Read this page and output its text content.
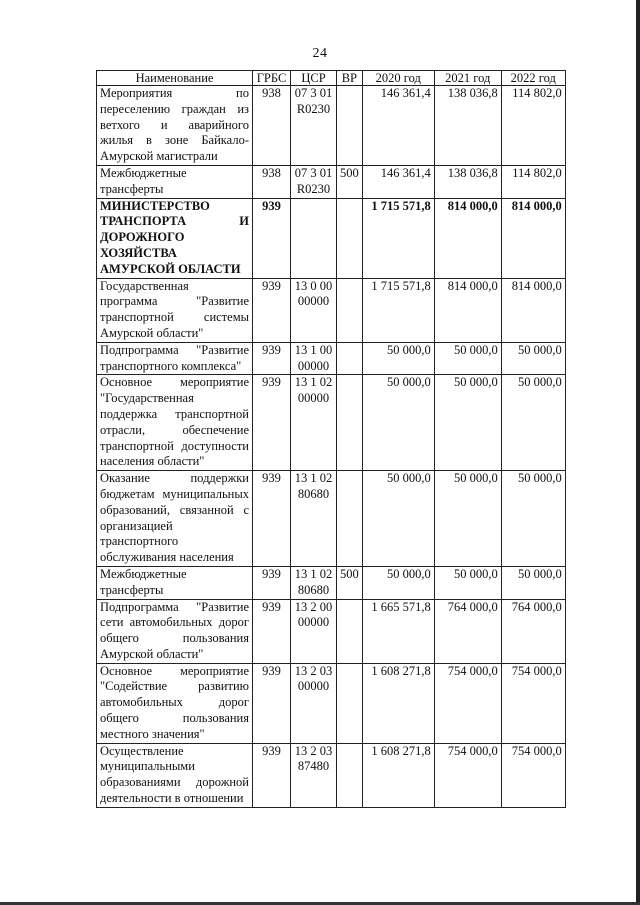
24
Наименование	ГРБС	ЦСР	ВР	2020 год	2021 год	2022 год
Мероприятия по переселению граждан из ветхого и аварийного жилья в зоне Байкало-Амурской магистрали	938	07 3 01 R0230		146 361,4	138 036,8	114 802,0
Межбюджетные трансферты	938	07 3 01 R0230	500	146 361,4	138 036,8	114 802,0
МИНИСТЕРСТВО ТРАНСПОРТА И ДОРОЖНОГО ХОЗЯЙСТВА АМУРСКОЙ ОБЛАСТИ	939			1 715 571,8	814 000,0	814 000,0
Государственная программа "Развитие транспортной системы Амурской области"	939	13 0 00 00000		1 715 571,8	814 000,0	814 000,0
Подпрограмма "Развитие транспортного комплекса"	939	13 1 00 00000		50 000,0	50 000,0	50 000,0
Основное мероприятие "Государственная поддержка транспортной отрасли, обеспечение транспортной доступности населения области"	939	13 1 02 00000		50 000,0	50 000,0	50 000,0
Оказание поддержки бюджетам муниципальных образований, связанной с организацией транспортного обслуживания населения	939	13 1 02 80680		50 000,0	50 000,0	50 000,0
Межбюджетные трансферты	939	13 1 02 80680	500	50 000,0	50 000,0	50 000,0
Подпрограмма "Развитие сети автомобильных дорог общего пользования Амурской области"	939	13 2 00 00000		1 665 571,8	764 000,0	764 000,0
Основное мероприятие "Содействие развитию автомобильных дорог общего пользования местного значения"	939	13 2 03 00000		1 608 271,8	754 000,0	754 000,0
Осуществление муниципальными образованиями дорожной деятельности в отношении	939	13 2 03 87480		1 608 271,8	754 000,0	754 000,0
